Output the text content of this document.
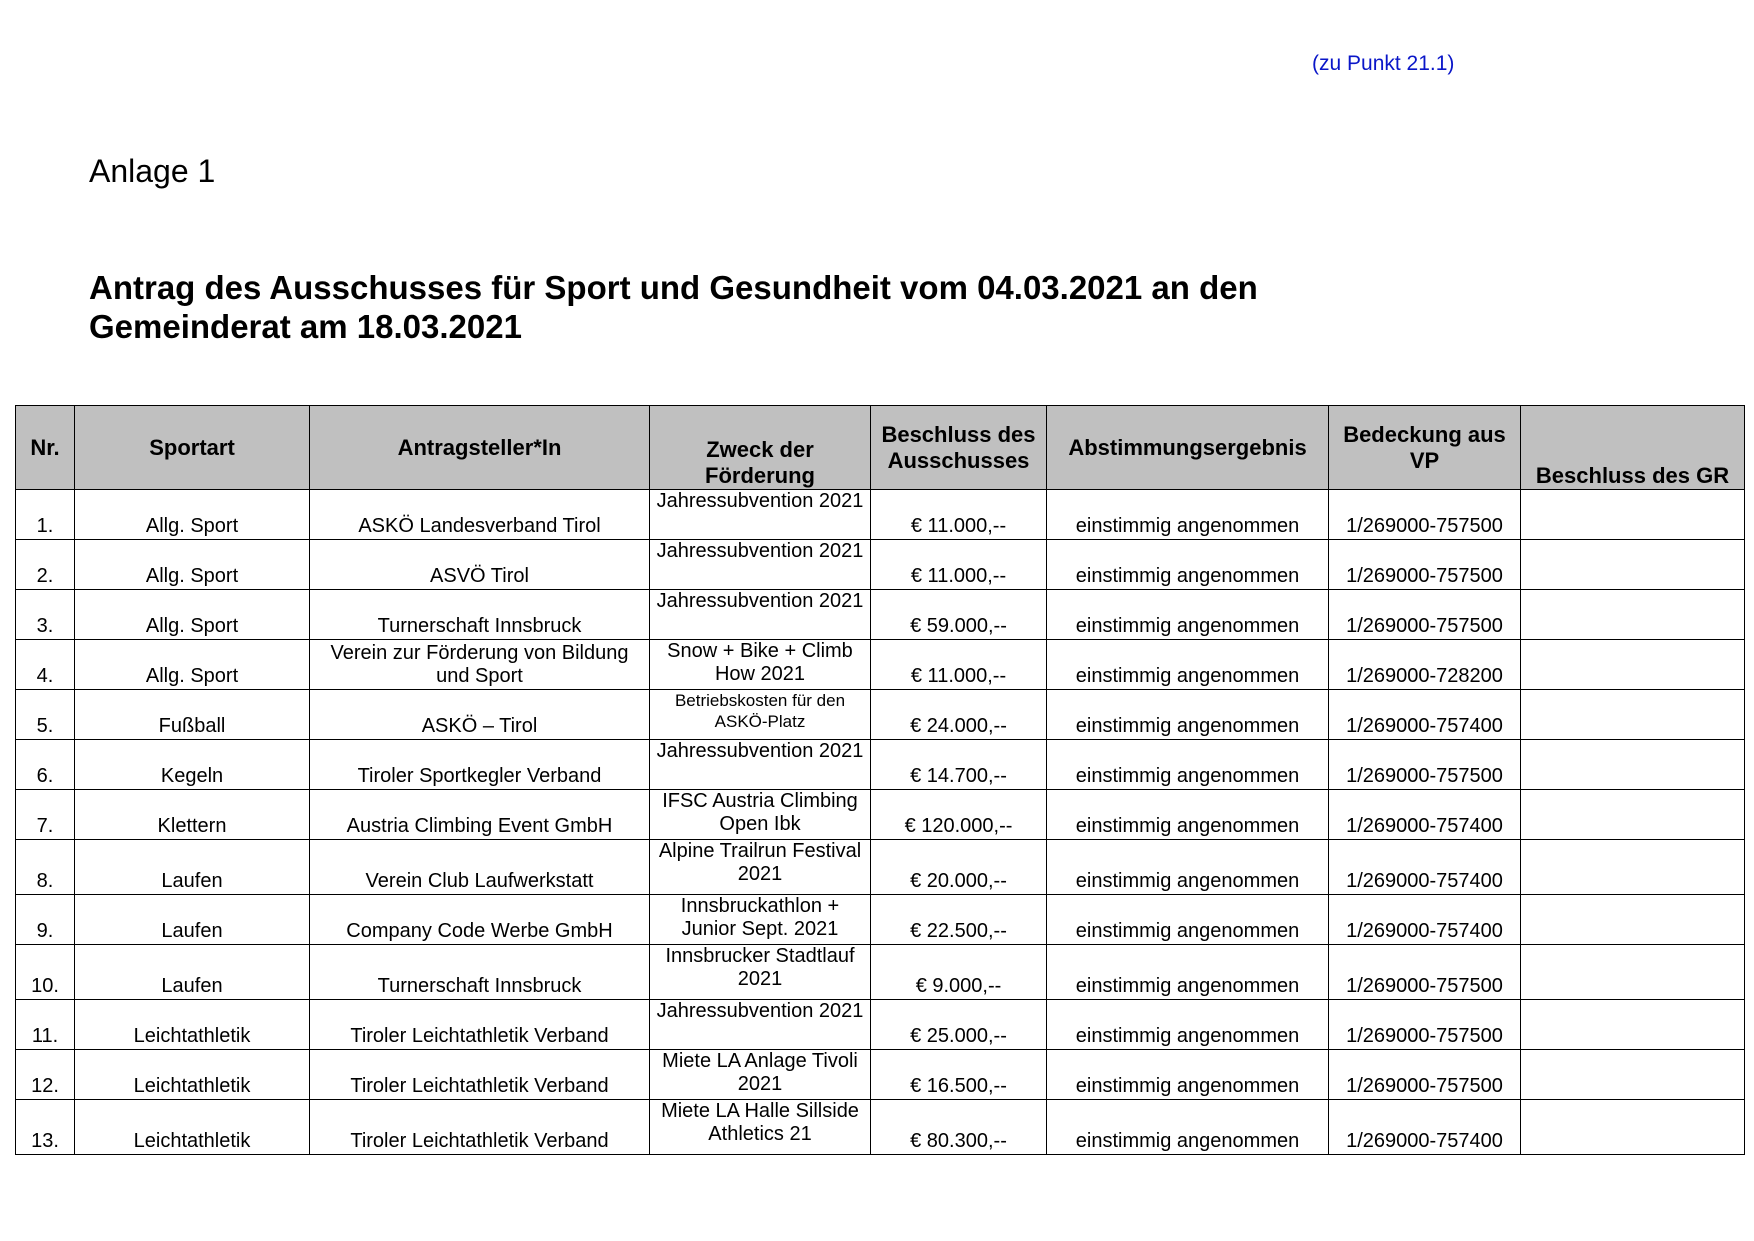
(zu Punkt 21.1)
Anlage 1
Antrag des Ausschusses für Sport und Gesundheit vom 04.03.2021 an den
Gemeinderat am 18.03.2021
Nr.	Sportart	Antragsteller*In	Zweck der Förderung	Beschluss des Ausschusses	Abstimmungsergebnis	Bedeckung aus VP	Beschluss des GR
1.	Allg. Sport	ASKÖ Landesverband Tirol	Jahressubvention 2021	€ 11.000,--	einstimmig angenommen	1/269000-757500	
2.	Allg. Sport	ASVÖ Tirol	Jahressubvention 2021	€ 11.000,--	einstimmig angenommen	1/269000-757500	
3.	Allg. Sport	Turnerschaft Innsbruck	Jahressubvention 2021	€ 59.000,--	einstimmig angenommen	1/269000-757500	
4.	Allg. Sport	Verein zur Förderung von Bildung und Sport	Snow + Bike + Climb How 2021	€ 11.000,--	einstimmig angenommen	1/269000-728200	
5.	Fußball	ASKÖ – Tirol	Betriebskosten für den ASKÖ-Platz	€ 24.000,--	einstimmig angenommen	1/269000-757400	
6.	Kegeln	Tiroler Sportkegler Verband	Jahressubvention 2021	€ 14.700,--	einstimmig angenommen	1/269000-757500	
7.	Klettern	Austria Climbing Event GmbH	IFSC Austria Climbing Open Ibk	€ 120.000,--	einstimmig angenommen	1/269000-757400	
8.	Laufen	Verein Club Laufwerkstatt	Alpine Trailrun Festival 2021	€ 20.000,--	einstimmig angenommen	1/269000-757400	
9.	Laufen	Company Code Werbe GmbH	Innsbruckathlon + Junior Sept. 2021	€ 22.500,--	einstimmig angenommen	1/269000-757400	
10.	Laufen	Turnerschaft Innsbruck	Innsbrucker Stadtlauf 2021	€ 9.000,--	einstimmig angenommen	1/269000-757500	
11.	Leichtathletik	Tiroler Leichtathletik Verband	Jahressubvention 2021	€ 25.000,--	einstimmig angenommen	1/269000-757500	
12.	Leichtathletik	Tiroler Leichtathletik Verband	Miete LA Anlage Tivoli 2021	€ 16.500,--	einstimmig angenommen	1/269000-757500	
13.	Leichtathletik	Tiroler Leichtathletik Verband	Miete LA Halle Sillside Athletics 21	€ 80.300,--	einstimmig angenommen	1/269000-757400	
